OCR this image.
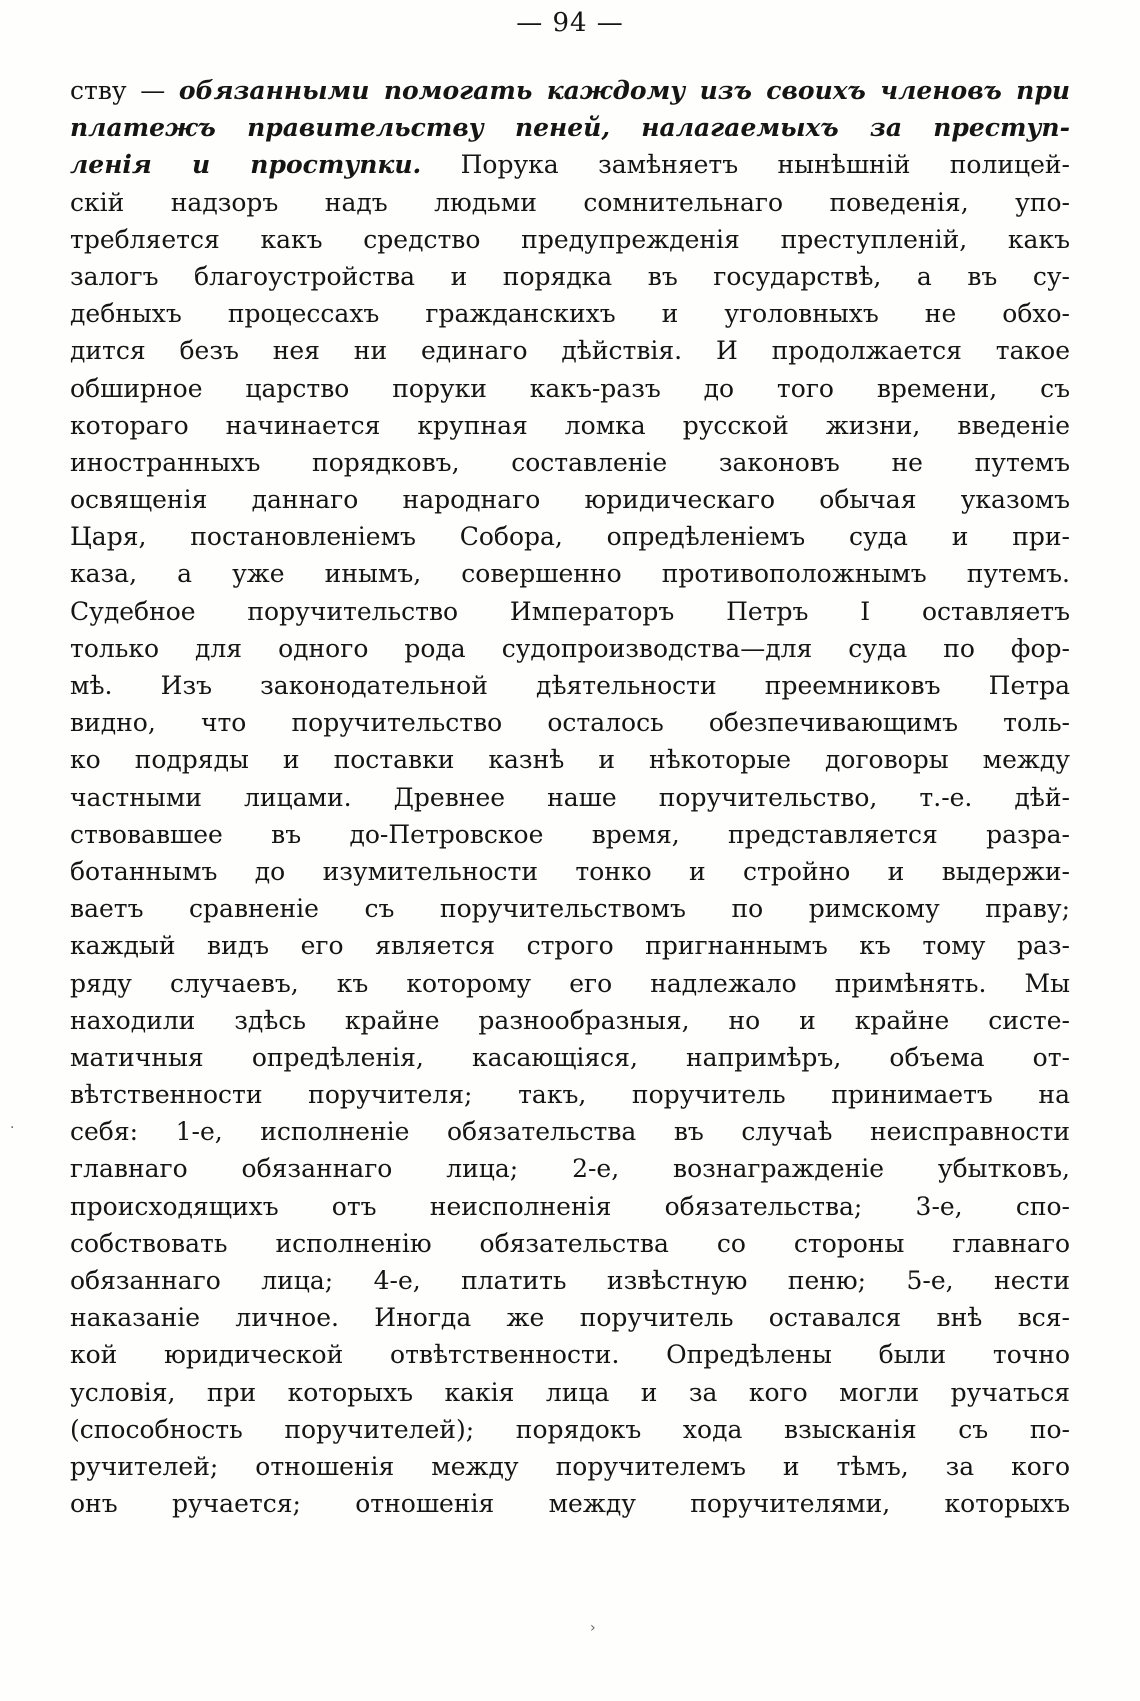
— 94 —
ству — обязанными помогать каждому изъ своихъ членовъ при
платежъ правительству пеней, налагаемыхъ за преступ-
ленія и проступки. Порука замѣняетъ нынѣшній полицей-
скій надзоръ надъ людьми сомнительнаго поведенія, упо-
требляется какъ средство предупрежденія преступленій, какъ
залогъ благоустройства и порядка въ государствѣ, а въ су-
дебныхъ процессахъ гражданскихъ и уголовныхъ не обхо-
дится безъ нея ни единаго дѣйствія. И продолжается такое
обширное царство поруки какъ-разъ до того времени, съ
котораго начинается крупная ломка русской жизни, введеніе
иностранныхъ порядковъ, составленіе законовъ не путемъ
освященія даннаго народнаго юридическаго обычая указомъ
Царя, постановленіемъ Собора, опредѣленіемъ суда и при-
каза, а уже инымъ, совершенно противоположнымъ путемъ.
Судебное поручительство Императоръ Петръ I оставляетъ
только для одного рода судопроизводства—для суда по фор-
мѣ. Изъ законодательной дѣятельности преемниковъ Петра
видно, что поручительство осталось обезпечивающимъ толь-
ко подряды и поставки казнѣ и нѣкоторые договоры между
частными лицами. Древнее наше поручительство, т.-е. дѣй-
ствовавшее въ до-Петровское время, представляется разра-
ботаннымъ до изумительности тонко и стройно и выдержи-
ваетъ сравненіе съ поручительствомъ по римскому праву;
каждый видъ его является строго пригнаннымъ къ тому раз-
ряду случаевъ, къ которому его надлежало примѣнять. Мы
находили здѣсь крайне разнообразныя, но и крайне систе-
матичныя опредѣленія, касающіяся, напримѣръ, объема от-
вѣтственности поручителя; такъ, поручитель принимаетъ на
себя: 1-е, исполненіе обязательства въ случаѣ неисправности
главнаго обязаннаго лица; 2-е, вознагражденіе убытковъ,
происходящихъ отъ неисполненія обязательства; 3-е, спо-
собствовать исполненію обязательства со стороны главнаго
обязаннаго лица; 4-е, платить извѣстную пеню; 5-е, нести
наказаніе личное. Иногда же поручитель оставался внѣ вся-
кой юридической отвѣтственности. Опредѣлены были точно
условія, при которыхъ какія лица и за кого могли ручаться
(способность поручителей); порядокъ хода взысканія съ по-
ручителей; отношенія между поручителемъ и тѣмъ, за кого
онъ ручается; отношенія между поручителями, которыхъ
·
›
